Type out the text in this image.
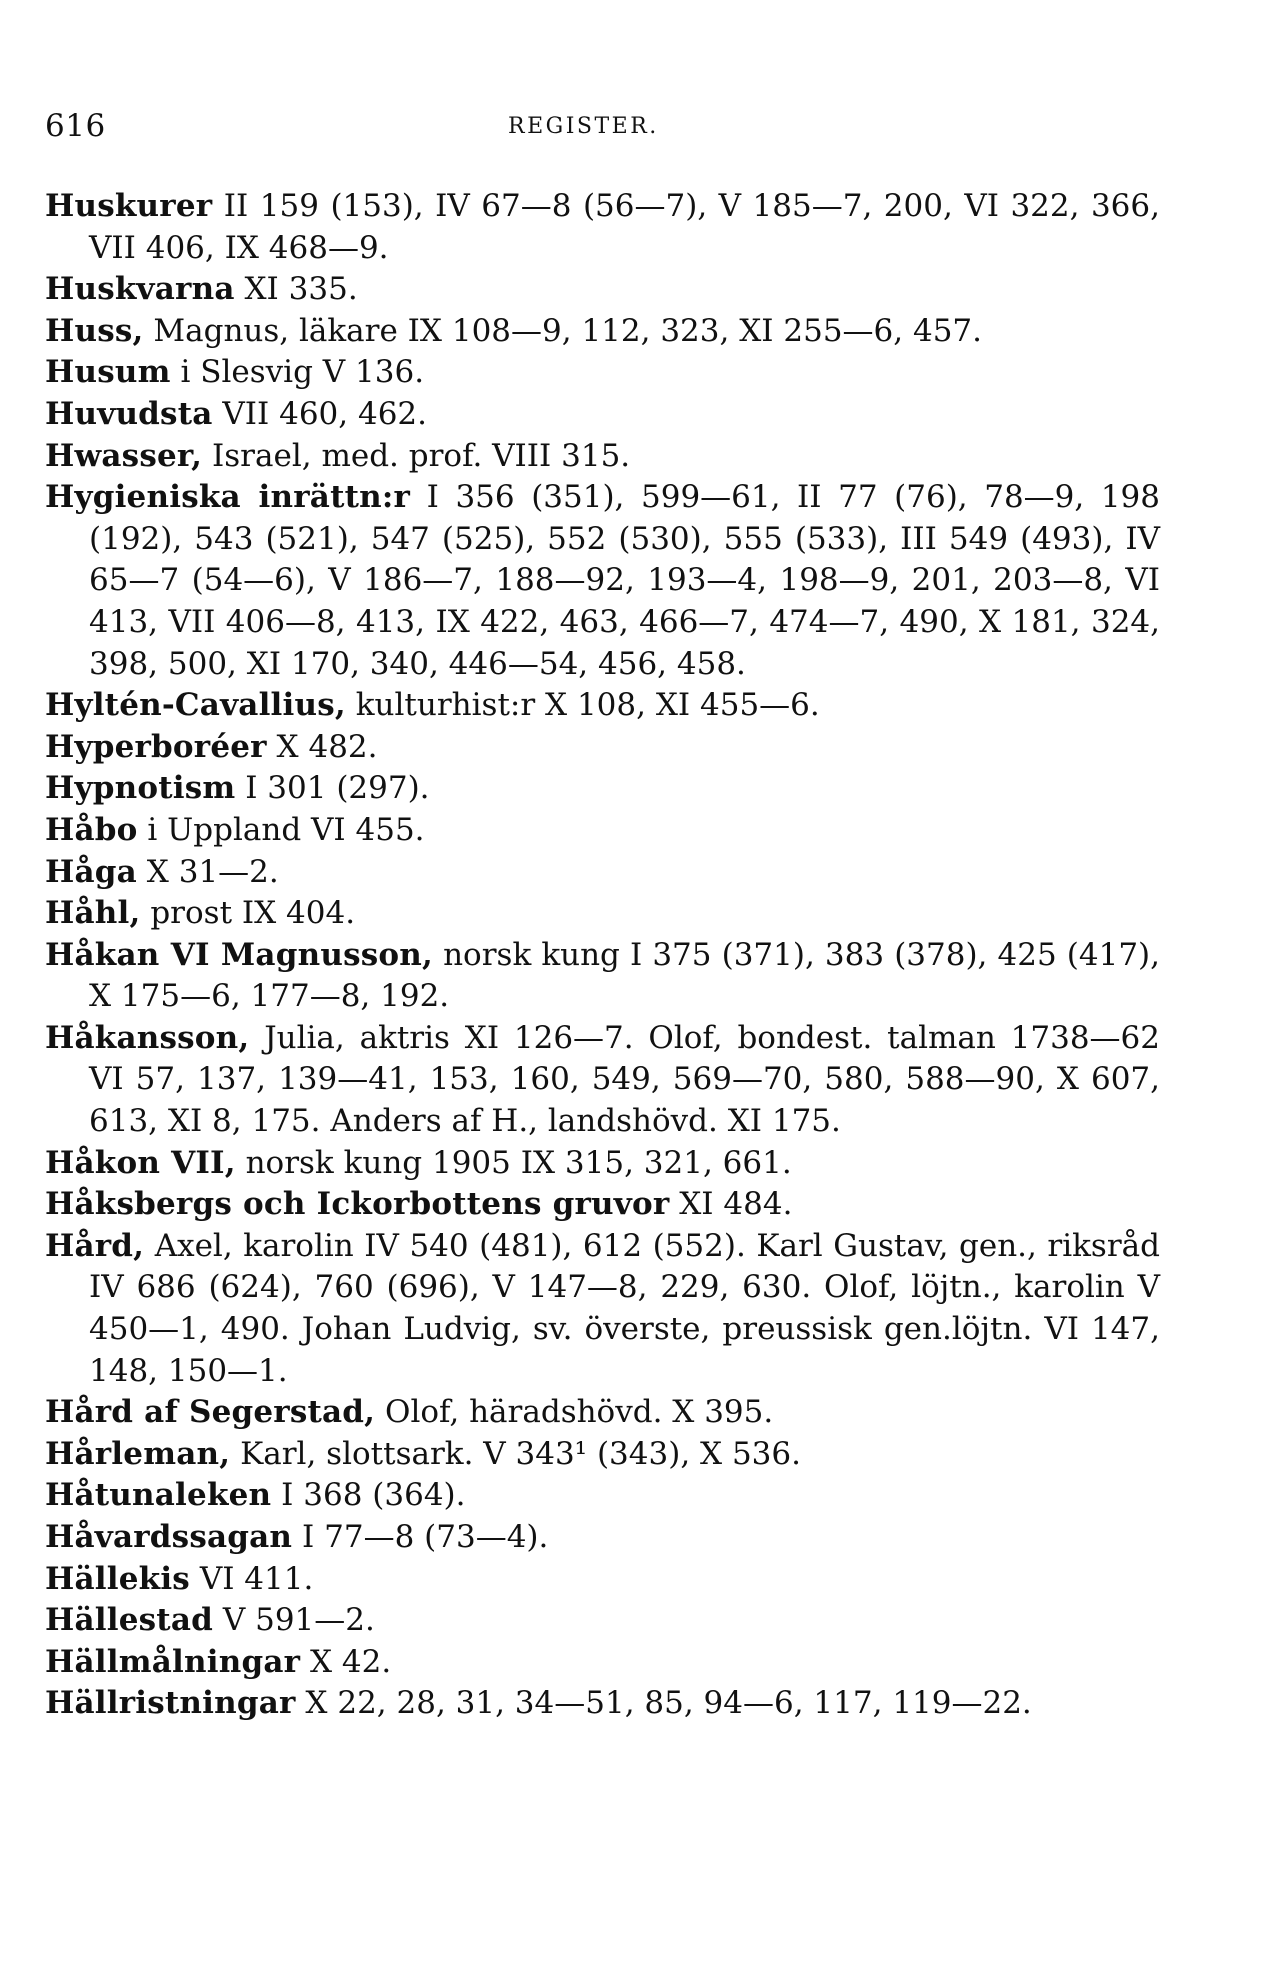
616	REGISTER.

Huskurer II 159 (153), IV 67—8 (56—7), V 185—7, 200, VI 322, 366, VII 406, IX 468—9.

Huskvarna XI 335.

Huss, Magnus, läkare IX 108—9, 112, 323, XI 255—6, 457.

Husum i Slesvig V 136.

Huvudsta VII 460, 462.

Hwasser, Israel, med. prof. VIII 315.

Hygieniska inrättn:r I 356 (351), 599—61, II 77 (76), 78—9, 198 (192), 543 (521), 547 (525), 552 (530), 555 (533), III 549 (493), IV 65—7 (54—6), V 186—7, 188—92, 193—4, 198—9, 201, 203—8, VI 413, VII 406—8, 413, IX 422, 463, 466—7, 474—7, 490, X 181, 324, 398, 500, XI 170, 340, 446—54, 456, 458.

Hyltén-Cavallius, kulturhist:r X 108, XI 455—6.

Hyperboréer X 482.

Hypnotism I 301 (297).

Håbo i Uppland VI 455.

Håga X 31—2.

Håhl, prost IX 404.

Håkan VI Magnusson, norsk kung I 375 (371), 383 (378), 425 (417), X 175—6, 177—8, 192.

Håkansson, Julia, aktris XI 126—7. Olof, bondest. talman 1738—62 VI 57, 137, 139—41, 153, 160, 549, 569—70, 580, 588—90, X 607, 613, XI 8, 175. Anders af H., landshövd. XI 175.

Håkon VII, norsk kung 1905 IX 315, 321, 661.

Håksbergs och Ickorbottens gruvor XI 484.

Hård, Axel, karolin IV 540 (481), 612 (552). Karl Gustav, gen., riksråd IV 686 (624), 760 (696), V 147—8, 229, 630. Olof, löjtn., karolin V 450—1, 490. Johan Ludvig, sv. överste, preussisk gen.löjtn. VI 147, 148, 150—1.

Hård af Segerstad, Olof, häradshövd. X 395.

Hårleman, Karl, slottsark. V 343¹ (343), X 536.

Håtunaleken I 368 (364).

Håvardssagan I 77—8 (73—4).

Hällekis VI 411.

Hällestad V 591—2.

Hällmålningar X 42.

Hällristningar X 22, 28, 31, 34—51, 85, 94—6, 117, 119—22.
